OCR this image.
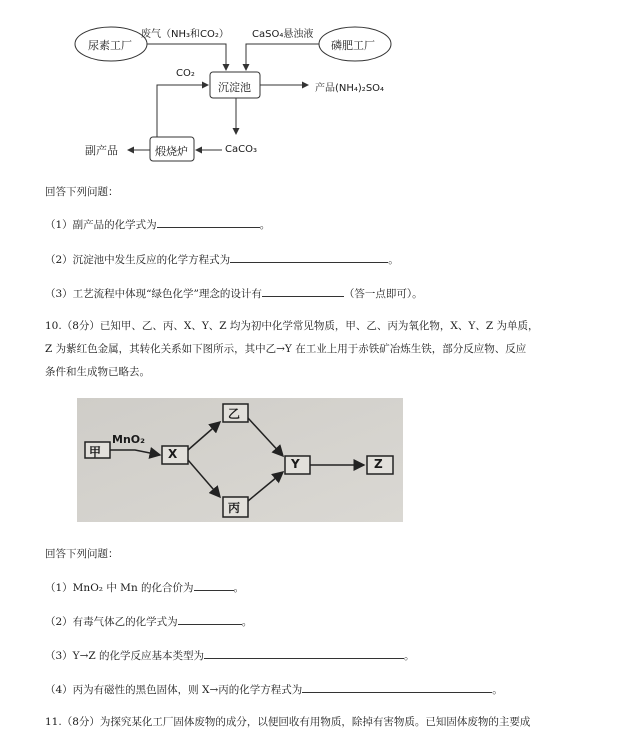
尿素工厂	磷肥工厂
废气（NH₃和CO₂） CaSO₄悬浊液
CO₂
沉淀池	产品(NH₄)₂SO₄
副产品	煅烧炉	CaCO₃
回答下列问题：
（1）副产品的化学式为	。
（2）沉淀池中发生反应的化学方程式为	。
（3）工艺流程中体现“绿色化学”理念的设计有	（答一点即可）。
10.（8分）已知甲、乙、丙、X、Y、Z 均为初中化学常见物质，甲、乙、丙为氧化物，X、Y、Z 为单质，
Z 为紫红色金属，其转化关系如下图所示，其中乙→Y 在工业上用于赤铁矿冶炼生铁，部分反应物、反应
条件和生成物已略去。
甲
MnO₂
X
乙
丙
Y	Z
回答下列问题：
（1）MnO₂ 中 Mn 的化合价为	。
（2）有毒气体乙的化学式为	。
（3）Y→Z 的化学反应基本类型为	。
（4）丙为有磁性的黑色固体，则 X→丙的化学方程式为	。
11.（8分）为探究某化工厂固体废物的成分，以便回收有用物质，除掉有害物质。已知固体废物的主要成
